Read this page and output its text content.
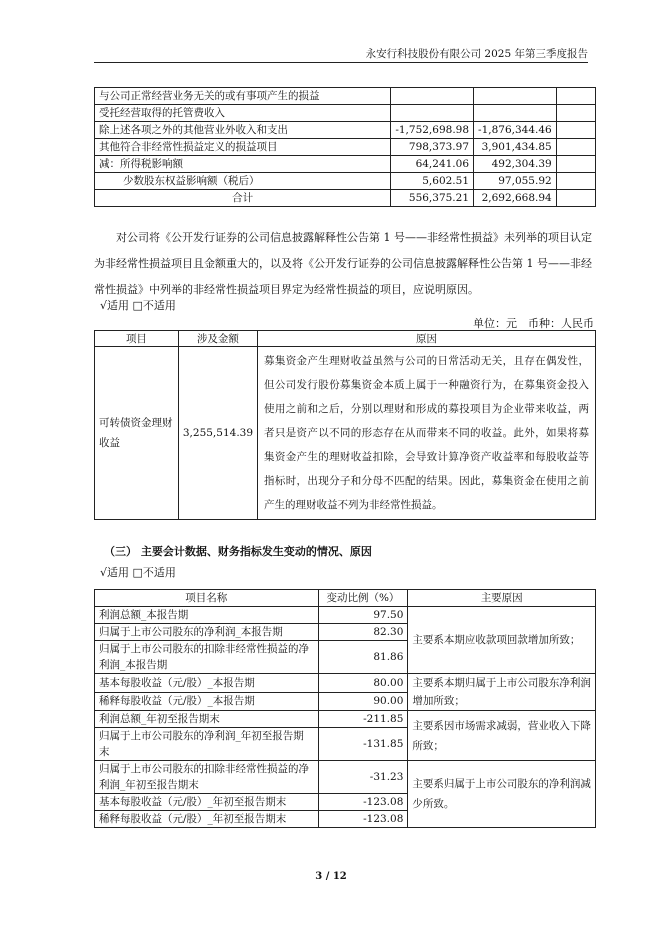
永安行科技股份有限公司 2025 年第三季度报告
与公司正常经营业务无关的或有事项产生的损益			
受托经营取得的托管费收入			
除上述各项之外的其他营业外收入和支出	-1,752,698.98	-1,876,344.46	
其他符合非经常性损益定义的损益项目	798,373.97	3,901,434.85	
减：所得税影响额	64,241.06	492,304.39	
少数股东权益影响额（税后）	5,602.51	97,055.92	
合计	556,375.21	2,692,668.94	

对公司将《公开发行证券的公司信息披露解释性公告第 1 号——非经常性损益》未列举的项目认定为非经常性损益项目且金额重大的，以及将《公开发行证券的公司信息披露解释性公告第 1 号——非经常性损益》中列举的非经常性损益项目界定为经常性损益的项目，应说明原因。

√适用 □不适用
单位：元　币种：人民币
项目	涉及金额	原因
可转债资金理财收益	3,255,514.39	募集资金产生理财收益虽然与公司的日常活动无关，且存在偶发性，但公司发行股份募集资金本质上属于一种融资行为，在募集资金投入使用之前和之后，分别以理财和形成的募投项目为企业带来收益，两者只是资产以不同的形态存在从而带来不同的收益。此外，如果将募集资金产生的理财收益扣除，会导致计算净资产收益率和每股收益等指标时，出现分子和分母不匹配的结果。因此，募集资金在使用之前产生的理财收益不列为非经常性损益。
（三） 主要会计数据、财务指标发生变动的情况、原因
√适用 □不适用
项目名称	变动比例（%）	主要原因
利润总额_本报告期	97.50	主要系本期应收款项回款增加所致；
归属于上市公司股东的净利润_本报告期	82.30	
归属于上市公司股东的扣除非经常性损益的净利润_本报告期	81.86	
基本每股收益（元/股）_本报告期	80.00	主要系本期归属于上市公司股东净利润增加所致；
稀释每股收益（元/股）_本报告期	90.00	
利润总额_年初至报告期末	-211.85	主要系因市场需求减弱，营业收入下降所致；
归属于上市公司股东的净利润_年初至报告期末	-131.85	
归属于上市公司股东的扣除非经常性损益的净利润_年初至报告期末	-31.23	主要系归属于上市公司股东的净利润减少所致。
基本每股收益（元/股）_年初至报告期末	-123.08	
稀释每股收益（元/股）_年初至报告期末	-123.08	
3 / 12
